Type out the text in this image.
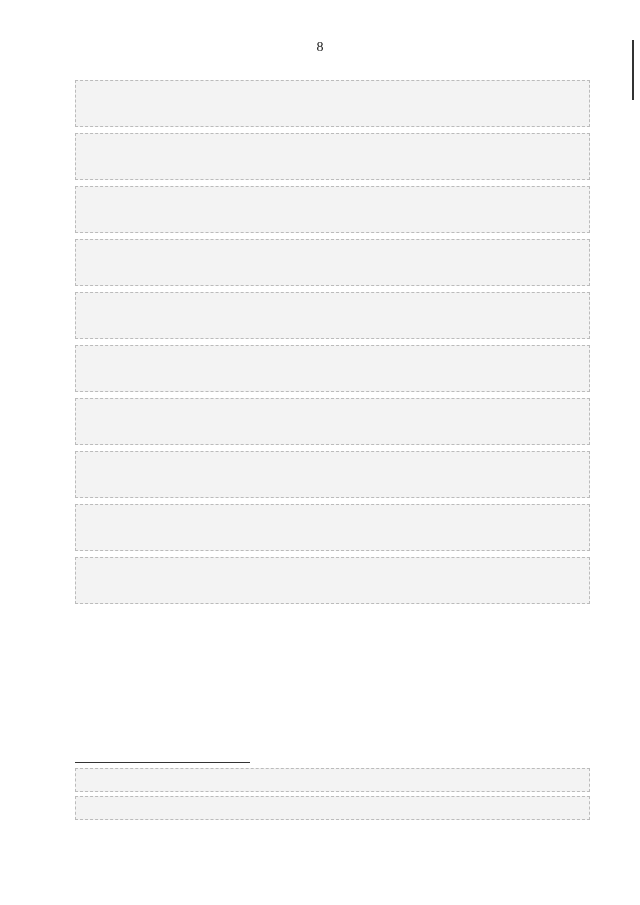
8
